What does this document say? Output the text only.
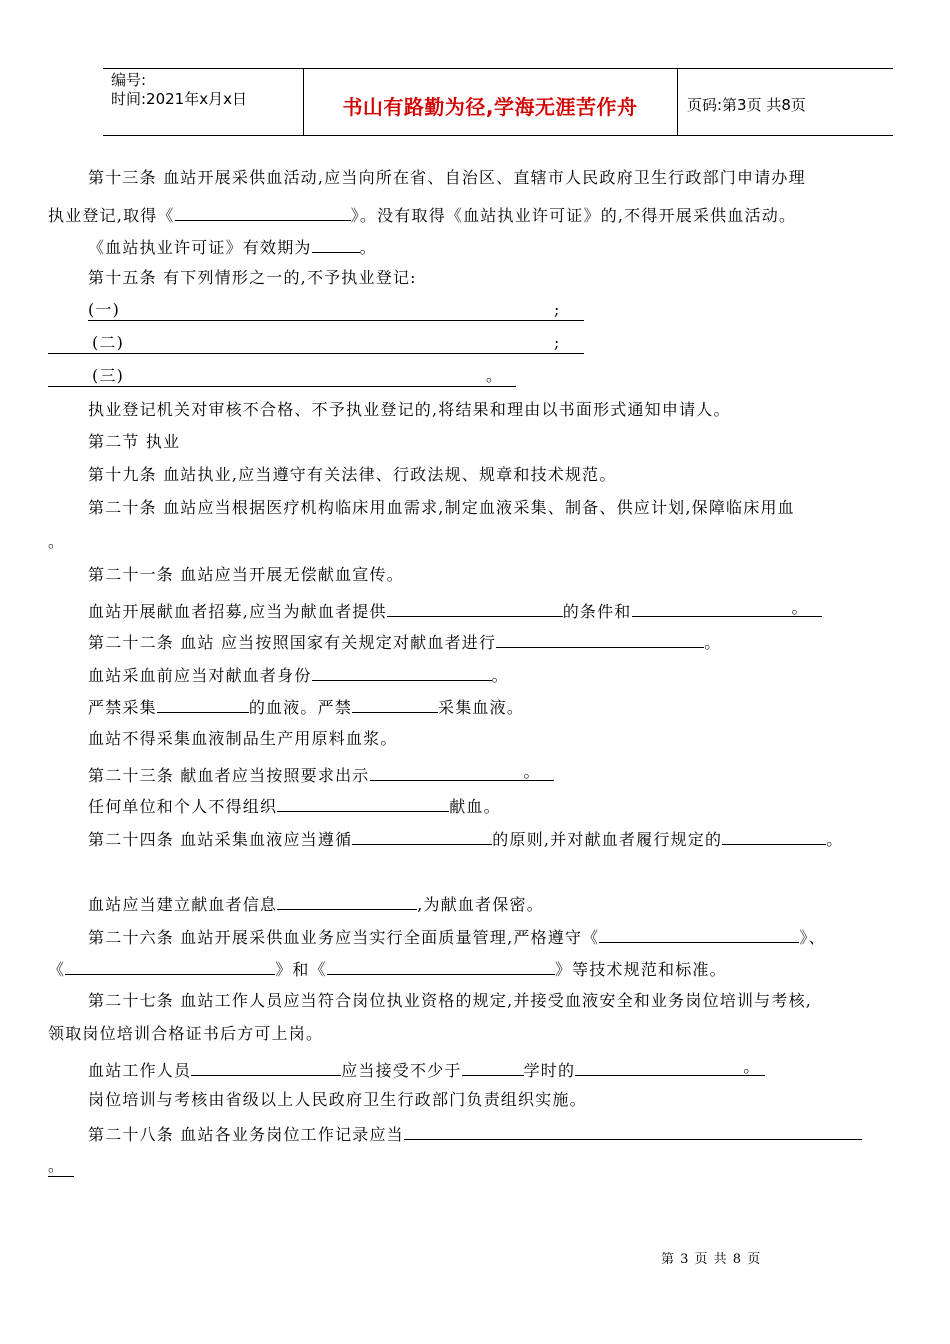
编号:
时间:2021年x月x日	书山有路勤为径,学海无涯苦作舟	页码:第3页 共8页
第十三条 血站开展采供血活动,应当向所在省、自治区、直辖市人民政府卫生行政部门申请办理
执业登记,取得《	》。没有取得《血站执业许可证》的,不得开展采供血活动。
《血站执业许可证》有效期为	。
第十五条 有下列情形之一的,不予执业登记:
(一)	;
(二)	;
(三)	。
执业登记机关对审核不合格、不予执业登记的,将结果和理由以书面形式通知申请人。
第二节 执业
第十九条 血站执业,应当遵守有关法律、行政法规、规章和技术规范。
第二十条 血站应当根据医疗机构临床用血需求,制定血液采集、制备、供应计划,保障临床用血
。
第二十一条 血站应当开展无偿献血宣传。
血站开展献血者招募,应当为献血者提供	的条件和	。
第二十二条 血站 应当按照国家有关规定对献血者进行	。
血站采血前应当对献血者身份	。
严禁采集	的血液。严禁	采集血液。
血站不得采集血液制品生产用原料血浆。
第二十三条 献血者应当按照要求出示	。
任何单位和个人不得组织	献血。
第二十四条 血站采集血液应当遵循	的原则,并对献血者履行规定的	。
血站应当建立献血者信息	,为献血者保密。
第二十六条 血站开展采供血业务应当实行全面质量管理,严格遵守《	》、
《	》和《	》等技术规范和标准。
第二十七条 血站工作人员应当符合岗位执业资格的规定,并接受血液安全和业务岗位培训与考核,
领取岗位培训合格证书后方可上岗。
血站工作人员	应当接受不少于	学时的	。
岗位培训与考核由省级以上人民政府卫生行政部门负责组织实施。
第二十八条 血站各业务岗位工作记录应当
。
第 3 页 共 8 页
